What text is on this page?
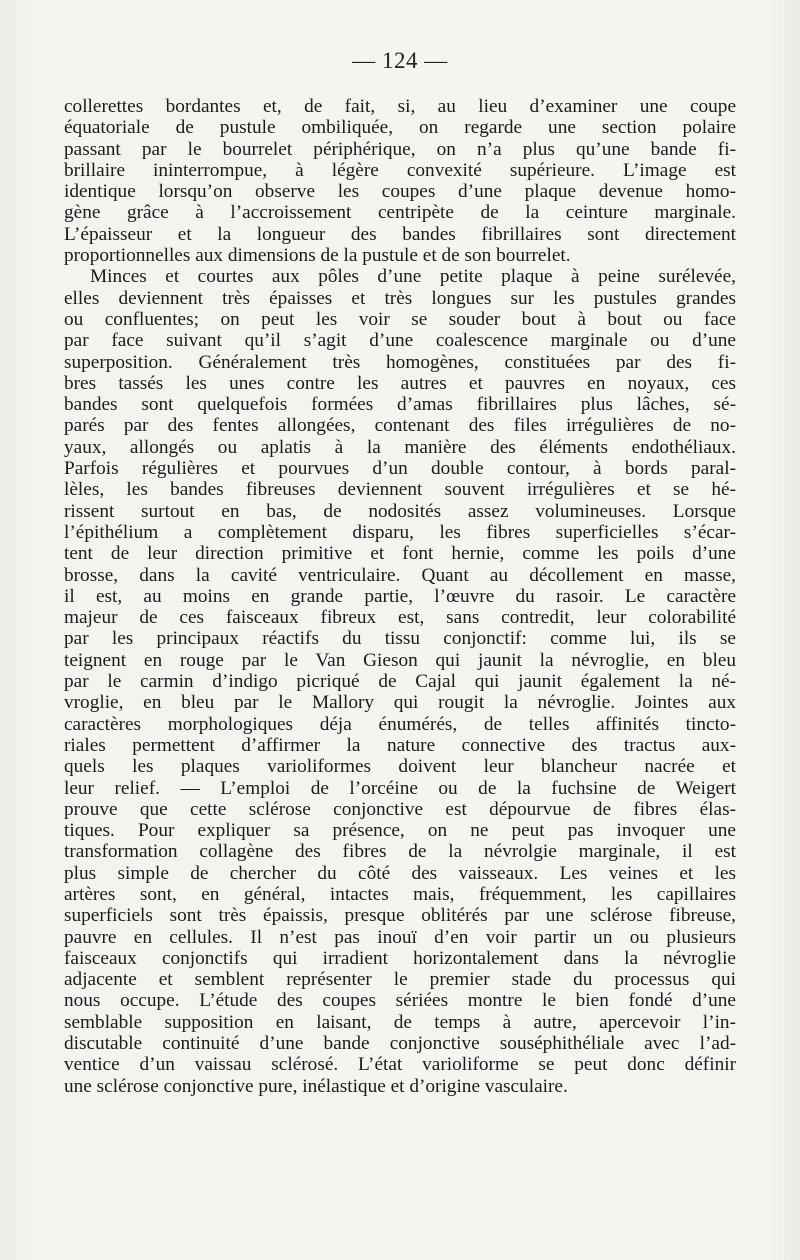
— 124 —
collerettes bordantes et, de fait, si, au lieu d’examiner une coupe
équatoriale de pustule ombiliquée, on regarde une section polaire
passant par le bourrelet périphérique, on n’a plus qu’une bande fi-
brillaire ininterrompue, à légère convexité supérieure. L’image est
identique lorsqu’on observe les coupes d’une plaque devenue homo-
gène grâce à l’accroissement centripète de la ceinture marginale.
L’épaisseur et la longueur des bandes fibrillaires sont directement
proportionnelles aux dimensions de la pustule et de son bourrelet.
Minces et courtes aux pôles d’une petite plaque à peine surélevée,
elles deviennent très épaisses et très longues sur les pustules grandes
ou confluentes; on peut les voir se souder bout à bout ou face
par face suivant qu’il s’agit d’une coalescence marginale ou d’une
superposition. Généralement très homogènes, constituées par des fi-
bres tassés les unes contre les autres et pauvres en noyaux, ces
bandes sont quelquefois formées d’amas fibrillaires plus lâches, sé-
parés par des fentes allongées, contenant des files irrégulières de no-
yaux, allongés ou aplatis à la manière des éléments endothéliaux.
Parfois régulières et pourvues d’un double contour, à bords paral-
lèles, les bandes fibreuses deviennent souvent irrégulières et se hé-
rissent surtout en bas, de nodosités assez volumineuses. Lorsque
l’épithélium a complètement disparu, les fibres superficielles s’écar-
tent de leur direction primitive et font hernie, comme les poils d’une
brosse, dans la cavité ventriculaire. Quant au décollement en masse,
il est, au moins en grande partie, l’œuvre du rasoir. Le caractère
majeur de ces faisceaux fibreux est, sans contredit, leur colorabilité
par les principaux réactifs du tissu conjonctif: comme lui, ils se
teignent en rouge par le Van Gieson qui jaunit la névroglie, en bleu
par le carmin d’indigo picriqué de Cajal qui jaunit également la né-
vroglie, en bleu par le Mallory qui rougit la névroglie. Jointes aux
caractères morphologiques déja énumérés, de telles affinités tincto-
riales permettent d’affirmer la nature connective des tractus aux-
quels les plaques varioliformes doivent leur blancheur nacrée et
leur relief. — L’emploi de l’orcéine ou de la fuchsine de Weigert
prouve que cette sclérose conjonctive est dépourvue de fibres élas-
tiques. Pour expliquer sa présence, on ne peut pas invoquer une
transformation collagène des fibres de la névrolgie marginale, il est
plus simple de chercher du côté des vaisseaux. Les veines et les
artères sont, en général, intactes mais, fréquemment, les capillaires
superficiels sont très épaissis, presque oblitérés par une sclérose fibreuse,
pauvre en cellules. Il n’est pas inouï d’en voir partir un ou plusieurs
faisceaux conjonctifs qui irradient horizontalement dans la névroglie
adjacente et semblent représenter le premier stade du processus qui
nous occupe. L’étude des coupes sériées montre le bien fondé d’une
semblable supposition en laisant, de temps à autre, apercevoir l’in-
discutable continuité d’une bande conjonctive souséphithéliale avec l’ad-
ventice d’un vaissau sclérosé. L’état varioliforme se peut donc définir
une sclérose conjonctive pure, inélastique et d’origine vasculaire.
